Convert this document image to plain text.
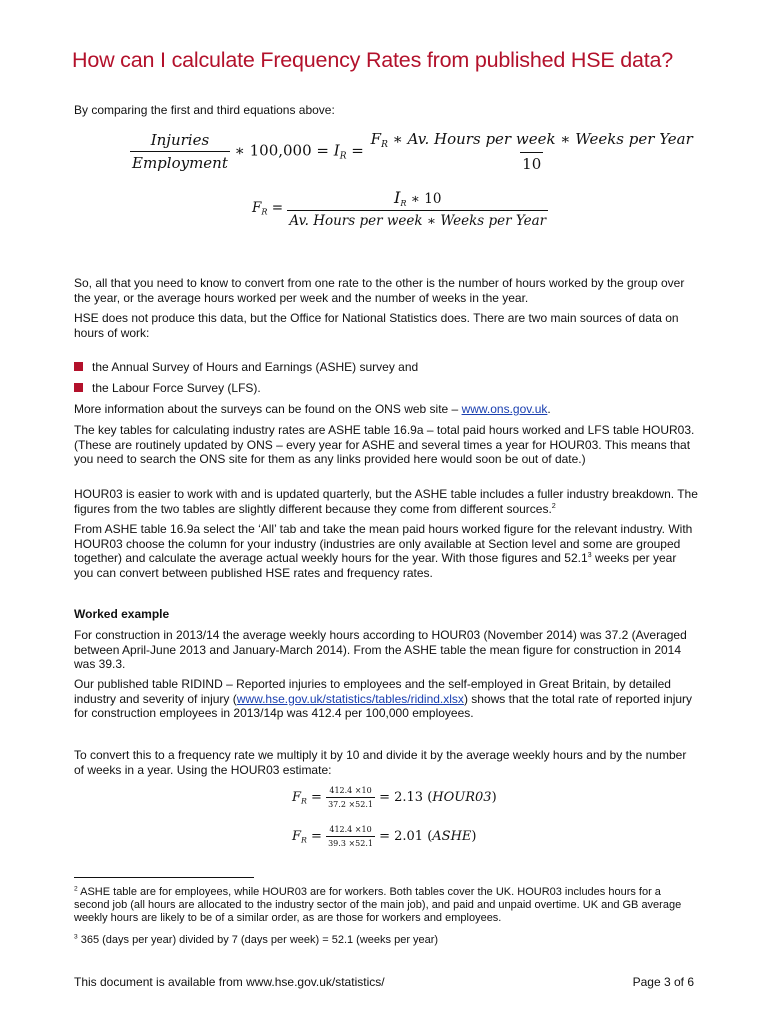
How can I calculate Frequency Rates from published HSE data?
By comparing the first and third equations above:
$\frac{\text{Injuries}}{\text{Employment}}$ ∗ $100,000 = I_R = \frac{F_R ∗ Av. Hours per week ∗ Weeks per Year}{10}$
$F_R = \frac{I_R ∗ 10}{\text{Av. Hours per week ∗ Weeks per Year}}$
So, all that you need to know to convert from one rate to the other is the number of hours worked by the group over the year, or the average hours worked per week and the number of weeks in the year.
HSE does not produce this data, but the Office for National Statistics does. There are two main sources of data on hours of work:
the Annual Survey of Hours and Earnings (ASHE) survey and
the Labour Force Survey (LFS).
More information about the surveys can be found on the ONS web site – www.ons.gov.uk.
The key tables for calculating industry rates are ASHE table 16.9a – total paid hours worked and LFS table HOUR03. (These are routinely updated by ONS – every year for ASHE and several times a year for HOUR03. This means that you need to search the ONS site for them as any links provided here would soon be out of date.)
HOUR03 is easier to work with and is updated quarterly, but the ASHE table includes a fuller industry breakdown. The figures from the two tables are slightly different because they come from different sources.$^2$
From ASHE table 16.9a select the ‘All’ tab and take the mean paid hours worked figure for the relevant industry. With HOUR03 choose the column for your industry (industries are only available at Section level and some are grouped together) and calculate the average actual weekly hours for the year. With those figures and 52.1$^3$ weeks per year you can convert between published HSE rates and frequency rates.
Worked example
For construction in 2013/14 the average weekly hours according to HOUR03 (November 2014) was 37.2 (Averaged between April-June 2013 and January-March 2014). From the ASHE table the mean figure for construction in 2014 was 39.3.
Our published table RIDIND – Reported injuries to employees and the self-employed in Great Britain, by detailed industry and severity of injury (www.hse.gov.uk/statistics/tables/ridind.xlsx) shows that the total rate of reported injury for construction employees in 2013/14p was 412.4 per 100,000 employees.
To convert this to a frequency rate we multiply it by 10 and divide it by the average weekly hours and by the number of weeks in a year. Using the HOUR03 estimate:
$F_R = \frac{412.4 \times 10}{37.2 \times 52.1} = 2.13$ (HOUR03)
$F_R = \frac{412.4 \times 10}{39.3 \times 52.1} = 2.01$ (ASHE)
$^2$ ASHE table are for employees, while HOUR03 are for workers. Both tables cover the UK. HOUR03 includes hours for a second job (all hours are allocated to the industry sector of the main job), and paid and unpaid overtime. UK and GB average weekly hours are likely to be of a similar order, as are those for workers and employees.
$^3$ 365 (days per year) divided by 7 (days per week) = 52.1 (weeks per year)
This document is available from www.hse.gov.uk/statistics/	Page 3 of 6
